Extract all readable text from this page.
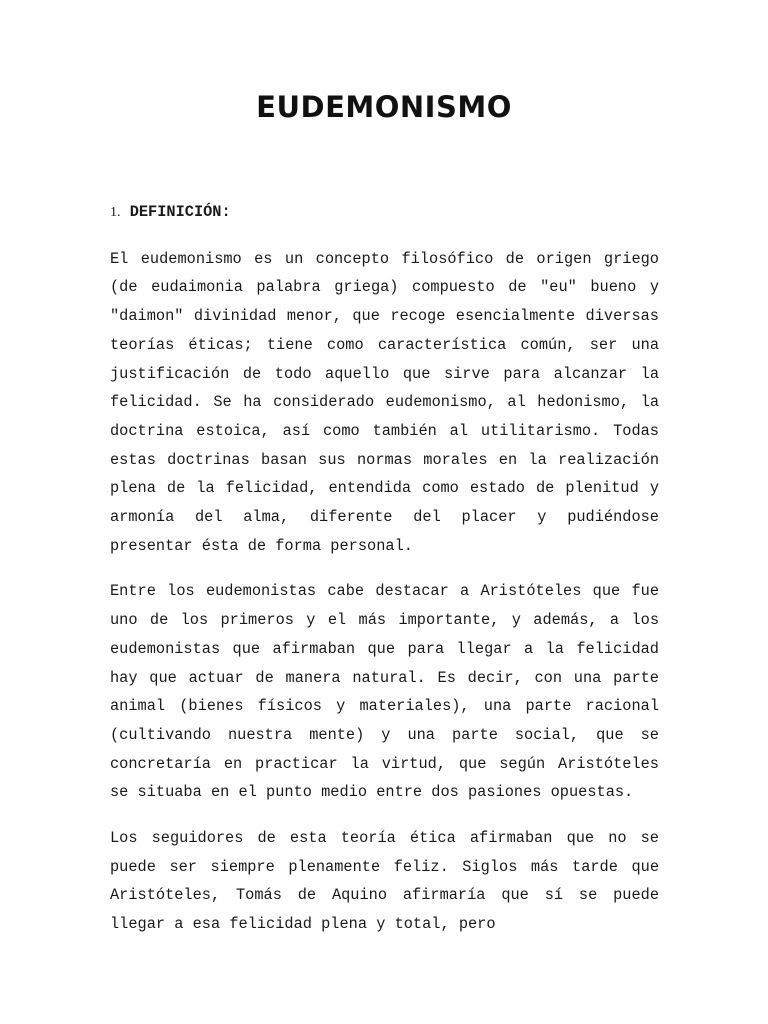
EUDEMONISMO

1. DEFINICIÓN:

El eudemonismo es un concepto filosófico de origen griego (de eudaimonia palabra griega) compuesto de "eu" bueno y "daimon" divinidad menor, que recoge esencialmente diversas teorías éticas; tiene como característica común, ser una justificación de todo aquello que sirve para alcanzar la felicidad. Se ha considerado eudemonismo, al hedonismo, la doctrina estoica, así como también al utilitarismo. Todas estas doctrinas basan sus normas morales en la realización plena de la felicidad, entendida como estado de plenitud y armonía del alma, diferente del placer y pudiéndose presentar ésta de forma personal.

Entre los eudemonistas cabe destacar a Aristóteles que fue uno de los primeros y el más importante, y además, a los eudemonistas que afirmaban que para llegar a la felicidad hay que actuar de manera natural. Es decir, con una parte animal (bienes físicos y materiales), una parte racional (cultivando nuestra mente) y una parte social, que se concretaría en practicar la virtud, que según Aristóteles se situaba en el punto medio entre dos pasiones opuestas.

Los seguidores de esta teoría ética afirmaban que no se puede ser siempre plenamente feliz. Siglos más tarde que Aristóteles, Tomás de Aquino afirmaría que sí se puede llegar a esa felicidad plena y total, pero
